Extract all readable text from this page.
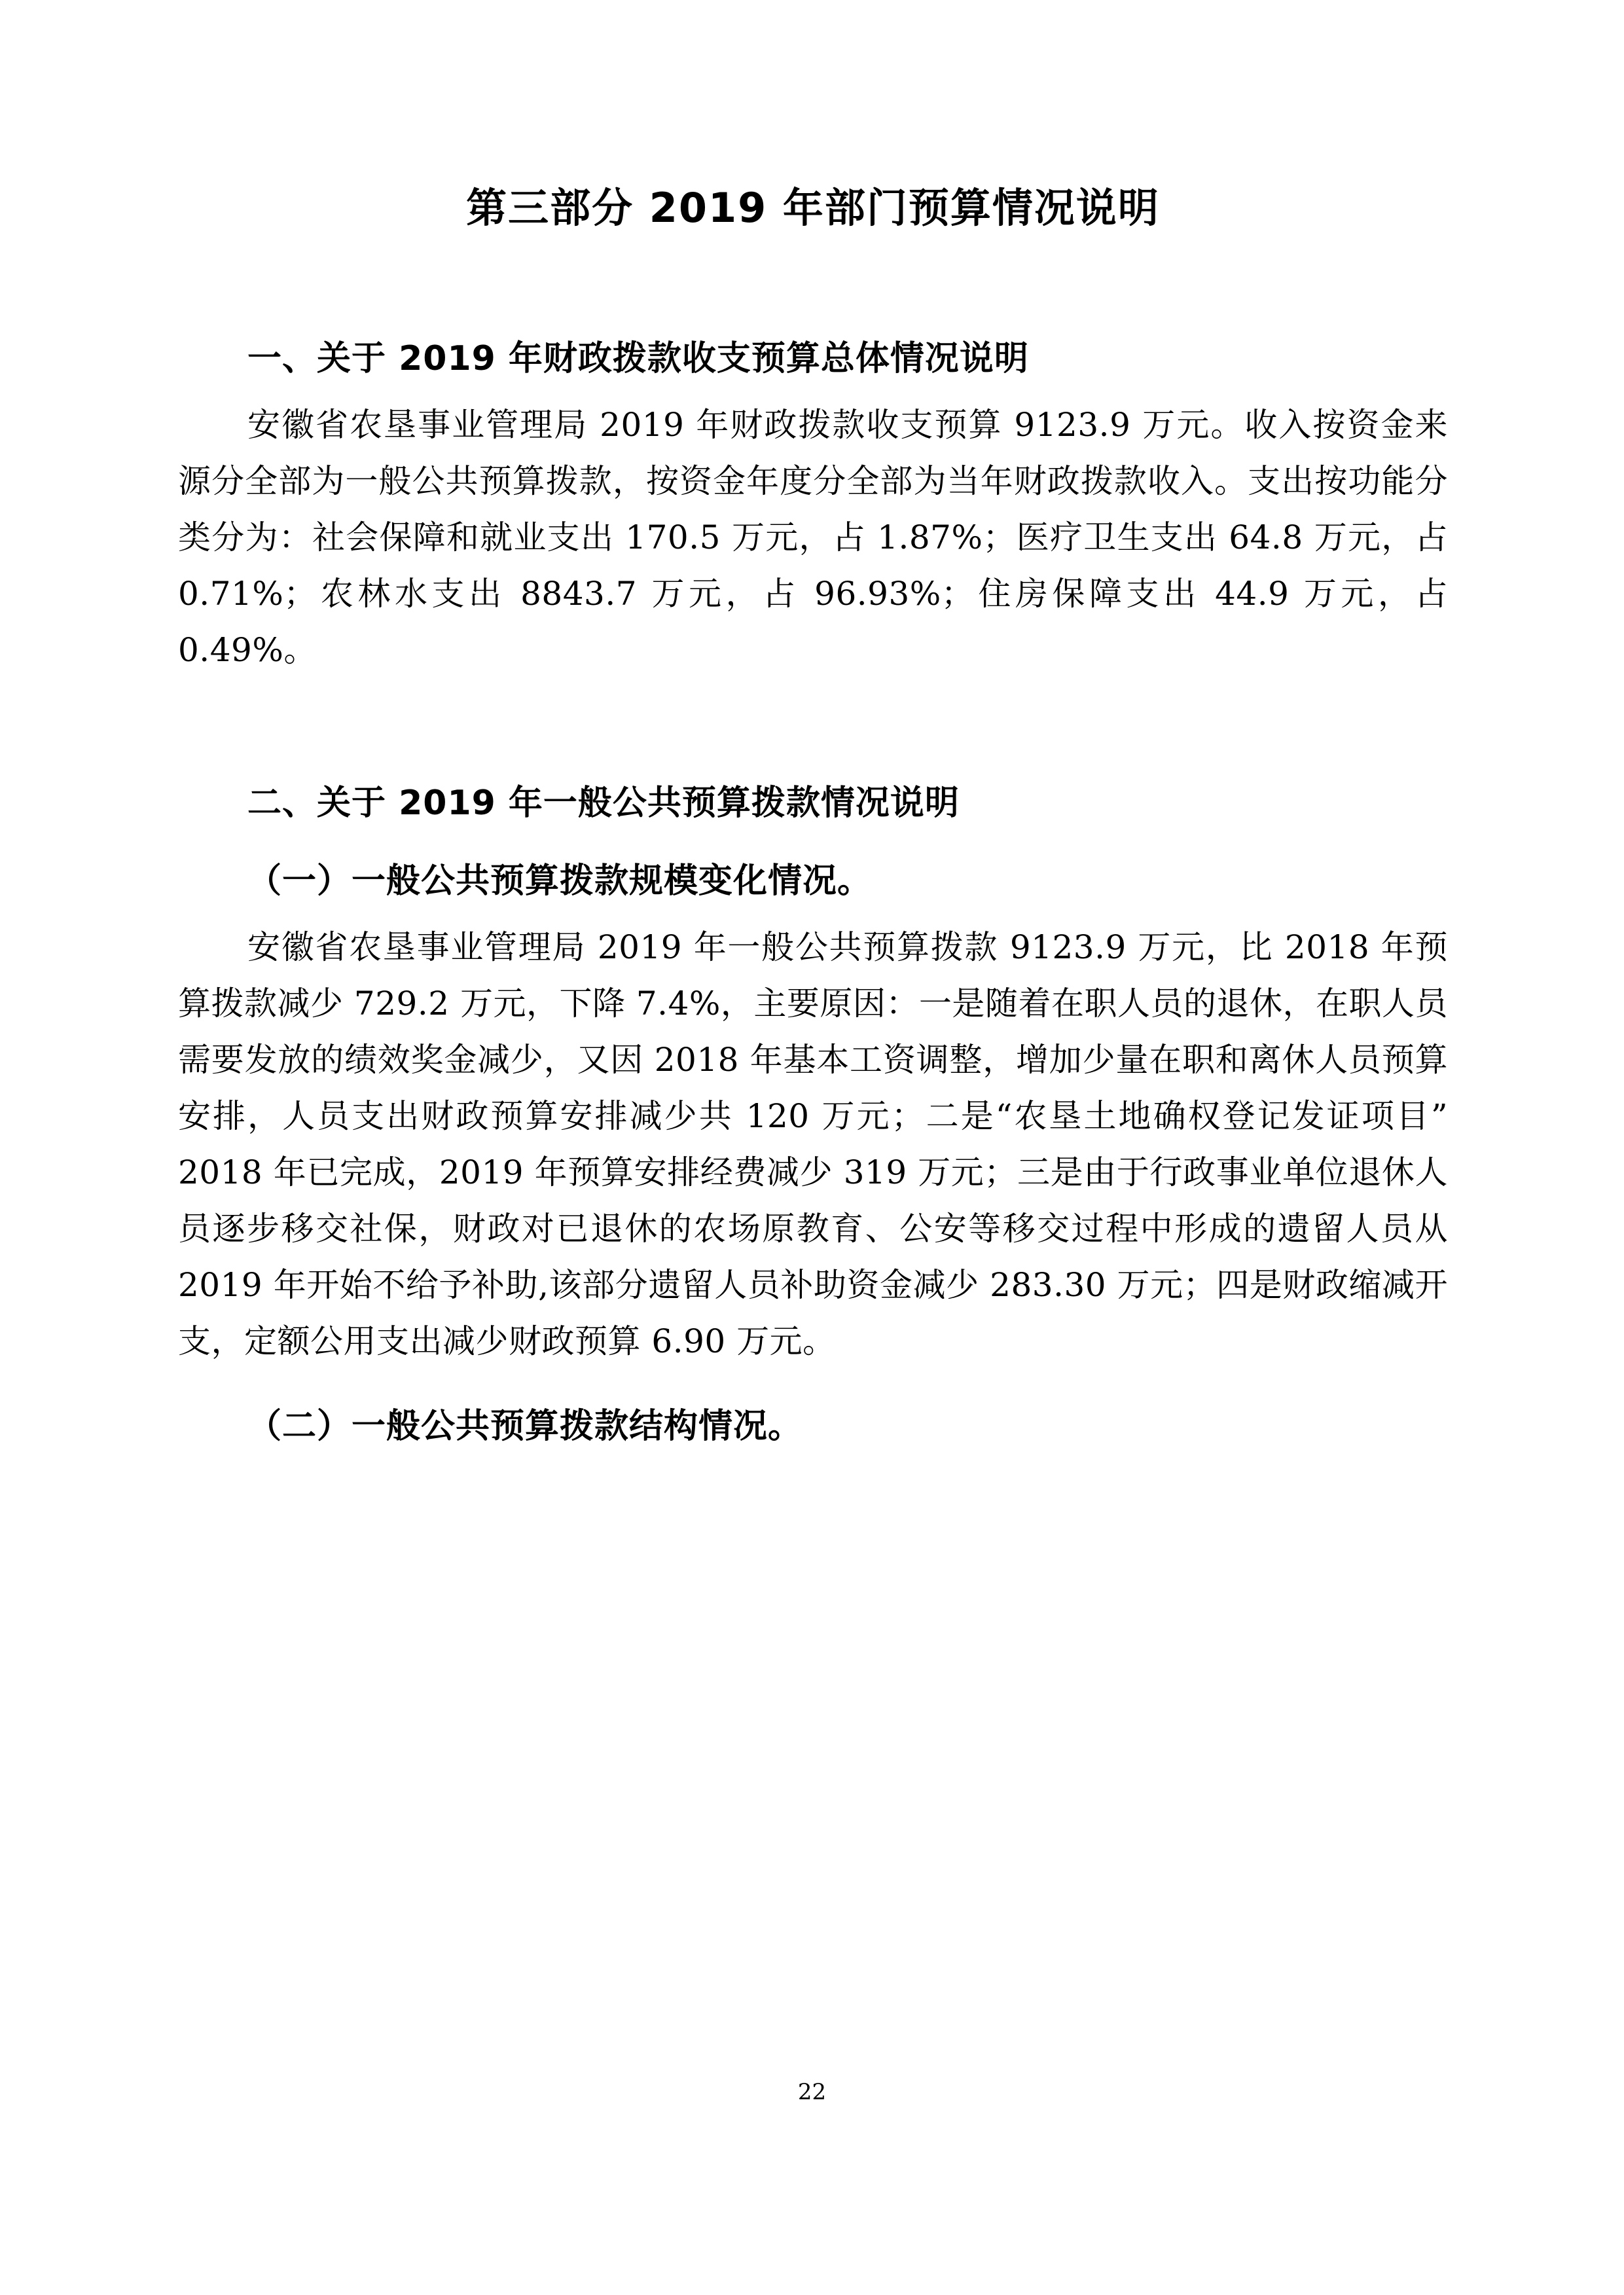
第三部分 2019 年部门预算情况说明
一、关于 2019 年财政拨款收支预算总体情况说明
安徽省农垦事业管理局 2019 年财政拨款收支预算 9123.9 万元。收入按资金来源分全部为一般公共预算拨款，按资金年度分全部为当年财政拨款收入。支出按功能分类分为：社会保障和就业支出 170.5 万元，占 1.87%；医疗卫生支出 64.8 万元，占 0.71%；农林水支出 8843.7 万元，占 96.93%；住房保障支出 44.9 万元，占 0.49%。
二、关于 2019 年一般公共预算拨款情况说明
（一）一般公共预算拨款规模变化情况。
安徽省农垦事业管理局 2019 年一般公共预算拨款 9123.9 万元，比 2018 年预算拨款减少 729.2 万元，下降 7.4%，主要原因：一是随着在职人员的退休，在职人员需要发放的绩效奖金减少，又因 2018 年基本工资调整，增加少量在职和离休人员预算安排，人员支出财政预算安排减少共 120 万元；二是“农垦土地确权登记发证项目”2018 年已完成，2019 年预算安排经费减少 319 万元；三是由于行政事业单位退休人员逐步移交社保，财政对已退休的农场原教育、公安等移交过程中形成的遗留人员从 2019 年开始不给予补助,该部分遗留人员补助资金减少 283.30 万元；四是财政缩减开支，定额公用支出减少财政预算 6.90 万元。
（二）一般公共预算拨款结构情况。
22
